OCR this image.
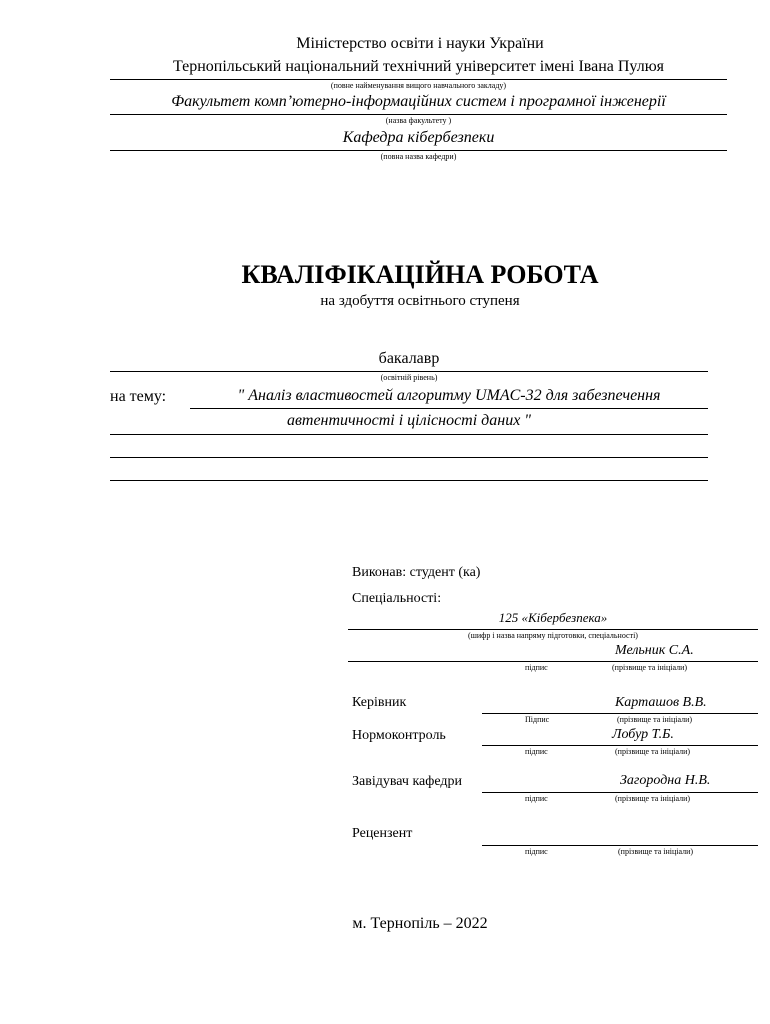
Міністерство освіти і науки України
Тернопільський національний технічний університет імені Івана Пулюя
(повне найменування вищого навчального закладу)
Факультет комп’ютерно-інформаційних систем і програмної інженерії
(назва факультету )
Кафедра кібербезпеки
(повна назва кафедри)
КВАЛІФІКАЦІЙНА РОБОТА
на здобуття освітнього ступеня
бакалавр
(освітній рівень)
на тему:	" Аналіз властивостей алгоритму UMAC-32 для забезпечення
автентичності і цілісності даних "
Виконав: студент (ка)
Спеціальності:
125 «Кібербезпека»
(шифр і назва напряму підготовки, спеціальності)
Мельник С.А.
підпис	(прізвище та ініціали)
Керівник	Карташов В.В.
Підпис	(прізвище та ініціали)
Нормоконтроль	Лобур Т.Б.
підпис	(прізвище та ініціали)
Завідувач кафедри	Загородна Н.В.
підпис	(прізвище та ініціали)
Рецензент
підпис	(прізвище та ініціали)
м. Тернопіль – 2022
